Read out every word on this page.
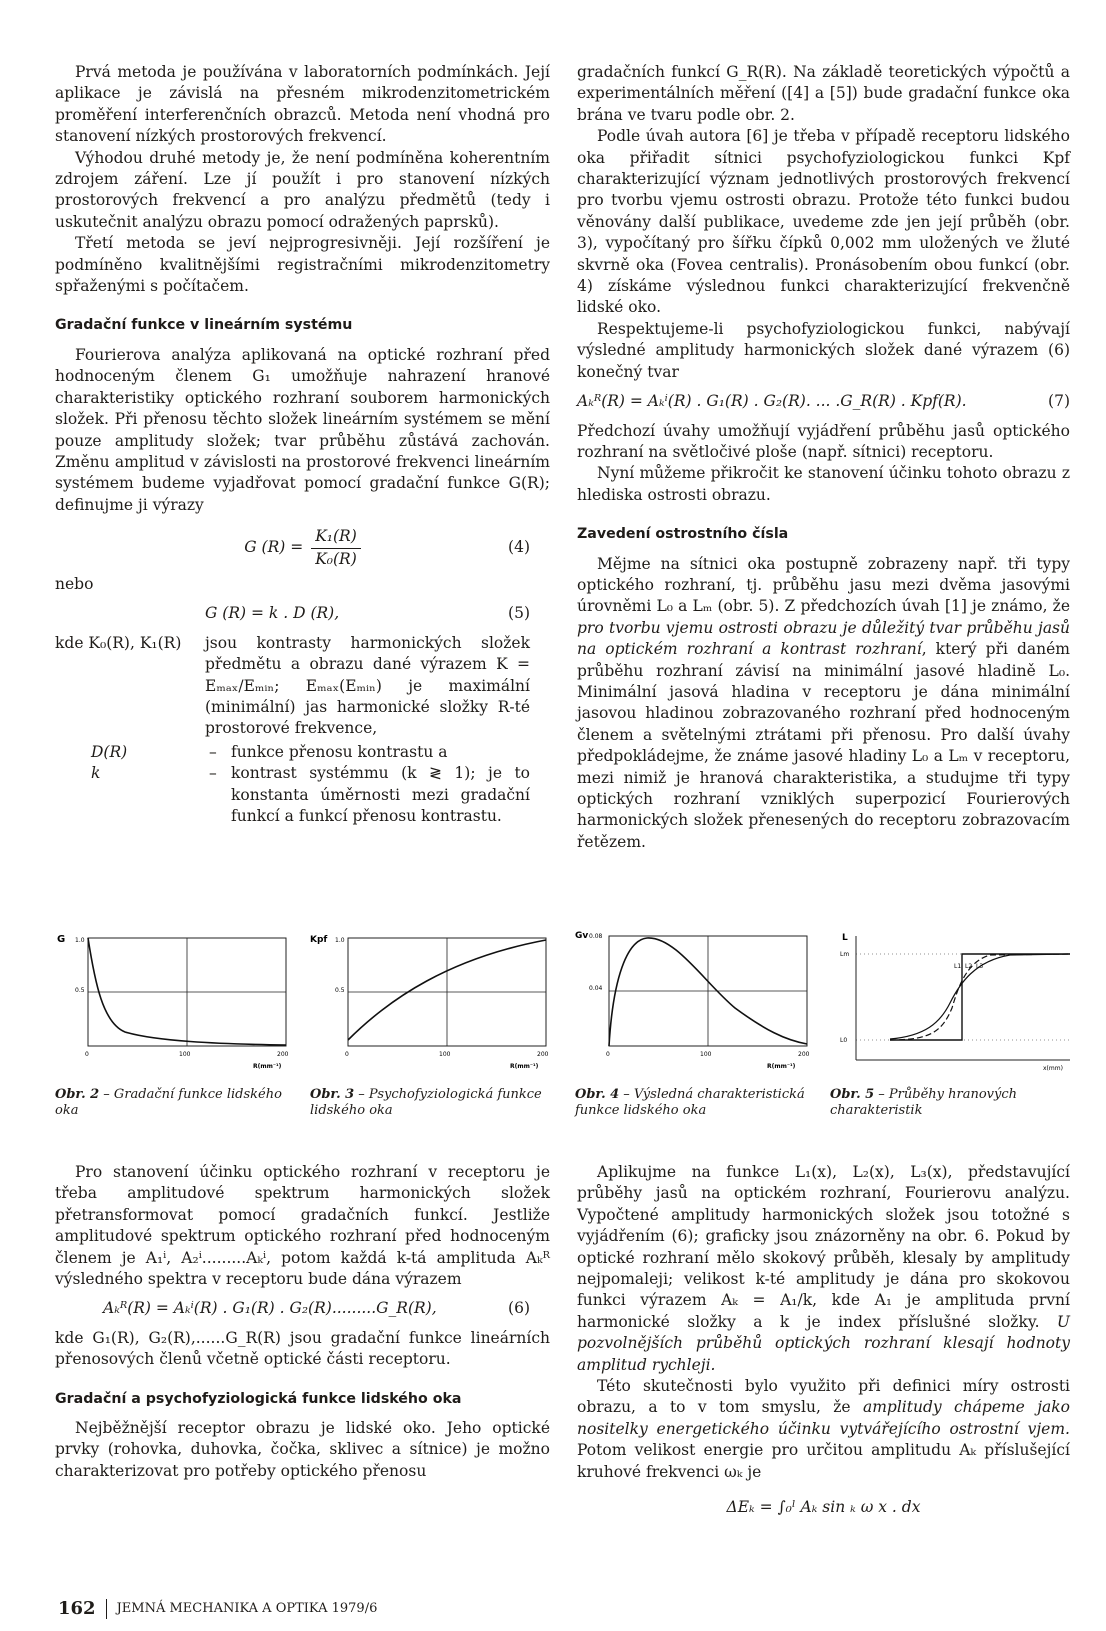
Prvá metoda je používána v laboratorních podmínkách. Její aplikace je závislá na přesném mikrodenzitometrickém proměření interferenčních obrazců. Metoda není vhodná pro stanovení nízkých prostorových frekvencí.

Výhodou druhé metody je, že není podmíněna koherentním zdrojem záření. Lze jí použít i pro stanovení nízkých prostorových frekvencí a pro analýzu předmětů (tedy i uskutečnit analýzu obrazu pomocí odražených paprsků).

Třetí metoda se jeví nejprogresivněji. Její rozšíření je podmíněno kvalitnějšími registračními mikrodenzitometry spřaženými s počítačem.

Gradační funkce v lineárním systému

Fourierova analýza aplikovaná na optické rozhraní před hodnoceným členem G₁ umožňuje nahrazení hranové charakteristiky optického rozhraní souborem harmonických složek. Při přenosu těchto složek lineárním systémem se mění pouze amplitudy složek; tvar průběhu zůstává zachován. Změnu amplitud v závislosti na prostorové frekvenci lineárním systémem budeme vyjadřovat pomocí gradační funkce G(R); definujme ji výrazy

G $(R) = \frac{\text{K₁(R)}}{\text{K₀(R)}}$	(4)

nebo

G (R) = k . D (R),	(5)
kde K₀(R), K₁(R)	jsou kontrasty harmonických složek předmětu a obrazu dané výrazem K = Eₘₐₓ/Eₘᵢₙ; Eₘₐₓ(Eₘᵢₙ) je maximální (minimální) jas harmonické složky R-té prostorové frekvence,
D(R)	– funkce přenosu kontrastu a
k	– kontrast systémmu (k ≷ 1); je to konstanta úměrnosti mezi gradační funkcí a funkcí přenosu kontrastu.

gradačních funkcí G_R(R). Na základě teoretických výpočtů a experimentálních měření ([4] a [5]) bude gradační funkce oka brána ve tvaru podle obr. 2.

Podle úvah autora [6] je třeba v případě receptoru lidského oka přiřadit sítnici psychofyziologickou funkci Kpf charakterizující význam jednotlivých prostorových frekvencí pro tvorbu vjemu ostrosti obrazu. Protože této funkci budou věnovány další publikace, uvedeme zde jen její průběh (obr. 3), vypočítaný pro šířku čípků 0,002 mm uložených ve žluté skvrně oka (Fovea centralis). Pronásobením obou funkcí (obr. 4) získáme výslednou funkci charakterizující frekvenčně lidské oko.

Respektujeme-li psychofyziologickou funkci, nabývají výsledné amplitudy harmonických složek dané výrazem (6) konečný tvar

Aₖᴿ(R) = Aₖⁱ(R) . G₁(R) . G₂(R). ... .G_R(R) . Kpf(R).	(7)

Předchozí úvahy umožňují vyjádření průběhu jasů optického rozhraní na světločivé ploše (např. sítnici) receptoru.

Nyní můžeme přikročit ke stanovení účinku tohoto obrazu z hlediska ostrosti obrazu.

Zavedení ostrostního čísla

Mějme na sítnici oka postupně zobrazeny např. tři typy optického rozhraní, tj. průběhu jasu mezi dvěma jasovými úrovněmi L₀ a Lₘ (obr. 5). Z předchozích úvah [1] je známo, že pro tvorbu vjemu ostrosti obrazu je důležitý tvar průběhu jasů na optickém rozhraní a kontrast rozhraní, který při daném průběhu rozhraní závisí na minimální jasové hladině L₀. Minimální jasová hladina v receptoru je dána minimální jasovou hladinou zobrazovaného rozhraní před hodnoceným členem a světelnými ztrátami při přenosu. Pro další úvahy předpokládejme, že známe jasové hladiny L₀ a Lₘ v receptoru, mezi nimiž je hranová charakteristika, a studujme tři typy optických rozhraní vzniklých superpozicí Fourierových harmonických složek přenesených do receptoru zobrazovacím řetězem.

G 1.0
0.5
0	100	200
R(mm⁻¹)
Obr. 2 – Gradační funkce lidského oka
Kpf 1.0
0.5
0	100	200
R(mm⁻¹)
Obr. 3 – Psychofyziologická funkce lidského oka
Gv 0.08
0.04
0	100	200
R(mm⁻¹)
Obr. 4 – Výsledná charakteristická funkce lidského oka
L
Lm
L0
L1 L2 L3
x(mm)
Obr. 5 – Průběhy hranových charakteristik

Pro stanovení účinku optického rozhraní v receptoru je třeba amplitudové spektrum harmonických složek přetransformovat pomocí gradačních funkcí. Jestliže amplitudové spektrum optického rozhraní před hodnoceným členem je A₁ⁱ, A₂ⁱ.........Aₖⁱ, potom každá k-tá amplituda Aₖᴿ výsledného spektra v receptoru bude dána výrazem

Aₖᴿ(R) = Aₖⁱ(R) . G₁(R) . G₂(R).........G_R(R),	(6)

kde G₁(R), G₂(R),......G_R(R) jsou gradační funkce lineárních přenosových členů včetně optické části receptoru.

Gradační a psychofyziologická funkce lidského oka

Nejběžnější receptor obrazu je lidské oko. Jeho optické prvky (rohovka, duhovka, čočka, sklivec a sítnice) je možno charakterizovat pro potřeby optického přenosu

Aplikujme na funkce L₁(x), L₂(x), L₃(x), představující průběhy jasů na optickém rozhraní, Fourierovu analýzu. Vypočtené amplitudy harmonických složek jsou totožné s vyjádřením (6); graficky jsou znázorněny na obr. 6. Pokud by optické rozhraní mělo skokový průběh, klesaly by amplitudy nejpomaleji; velikost k-té amplitudy je dána pro skokovou funkci výrazem Aₖ = A₁/k, kde A₁ je amplituda první harmonické složky a k je index příslušné složky. U pozvolnějších průběhů optických rozhraní klesají hodnoty amplitud rychleji.

Této skutečnosti bylo využito při definici míry ostrosti obrazu, a to v tom smyslu, že amplitudy chápeme jako nositelky energetického účinku vytvářejícího ostrostní vjem. Potom velikost energie pro určitou amplitudu Aₖ příslušející kruhové frekvenci ωₖ je

ΔEₖ = ∫₀ˡ Aₖ sin ₖ ω x . dx
162 JEMNÁ MECHANIKA A OPTIKA 1979/6
